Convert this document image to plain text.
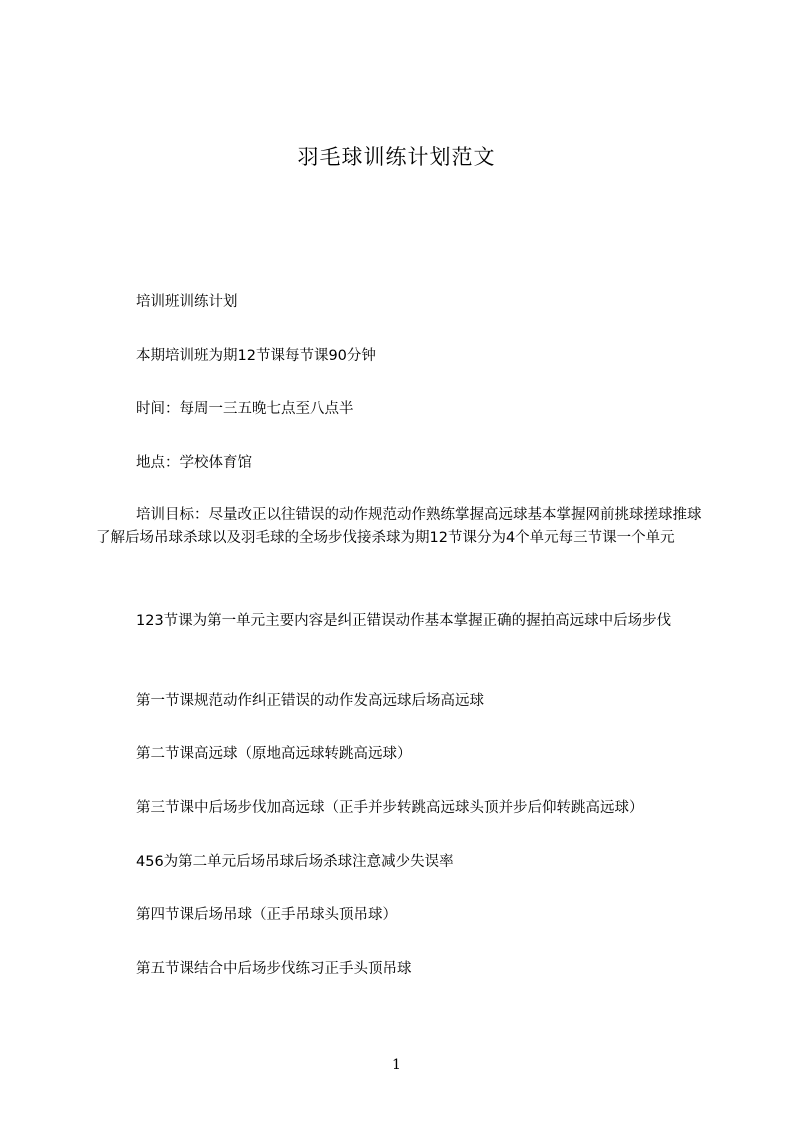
羽毛球训练计划范文

培训班训练计划

本期培训班为期12节课每节课90分钟

时间：每周一三五晚七点至八点半

地点：学校体育馆

培训目标：尽量改正以往错误的动作规范动作熟练掌握高远球基本掌握网前挑球搓球推球了解后场吊球杀球以及羽毛球的全场步伐接杀球为期12节课分为4个单元每三节课一个单元

123节课为第一单元主要内容是纠正错误动作基本掌握正确的握拍高远球中后场步伐

第一节课规范动作纠正错误的动作发高远球后场高远球

第二节课高远球（原地高远球转跳高远球）

第三节课中后场步伐加高远球（正手并步转跳高远球头顶并步后仰转跳高远球）

456为第二单元后场吊球后场杀球注意减少失误率

第四节课后场吊球（正手吊球头顶吊球）

第五节课结合中后场步伐练习正手头顶吊球

1
